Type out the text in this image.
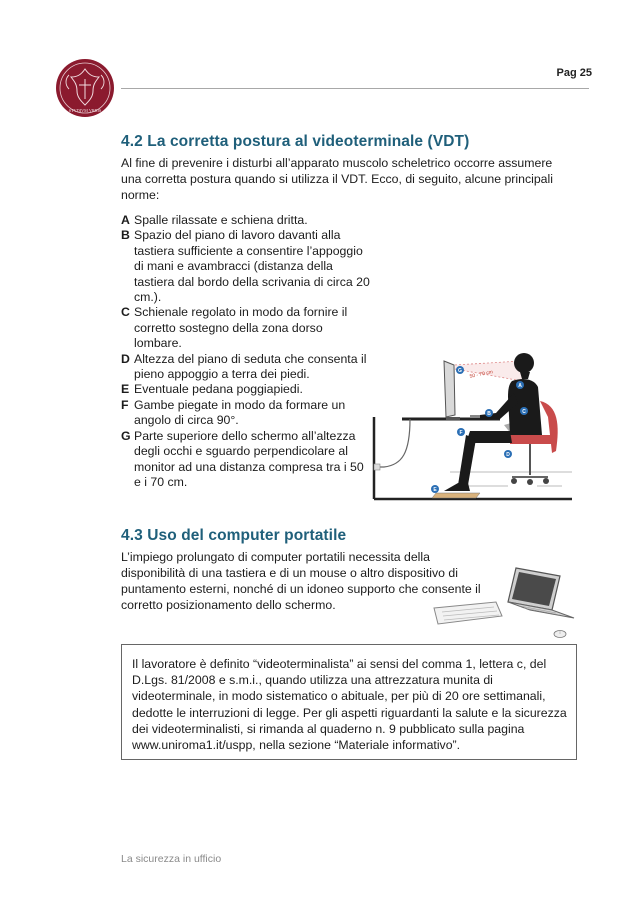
STVDIVM VRBIS
Pag 25
4.2 La corretta postura al videoterminale (VDT)

Al fine di prevenire i disturbi all’apparato muscolo scheletrico occorre assumere una corretta postura quando si utilizza il VDT. Ecco, di seguito, alcune principali norme:

A Spalle rilassate e schiena dritta.
B Spazio del piano di lavoro davanti alla tastiera sufficiente a consentire l’appoggio di mani e avambracci (distanza della tastiera dal bordo della scrivania di circa 20 cm.).
C Schienale regolato in modo da fornire il corretto sostegno della zona dorso lombare.
D Altezza del piano di seduta che consenta il pieno appoggio a terra dei piedi.
E Eventuale pedana poggiapiedi.
F Gambe piegate in modo da formare un angolo di circa 90°.
G Parte superiore dello schermo all’altezza degli occhi e sguardo perpendicolare al monitor ad una distanza compresa tra i 50 e i 70 cm.
50 - 70 cm
G
A
B	C
F
D
E
4.3 Uso del computer portatile

L’impiego prolungato di computer portatili necessita della disponibilità di una tastiera e di un mouse o altro dispositivo di puntamento esterni, nonché di un idoneo supporto che consente il corretto posizionamento dello schermo.

Il lavoratore è definito “videoterminalista” ai sensi del comma 1, lettera c, del D.Lgs. 81/2008 e s.m.i., quando utilizza una attrezzatura munita di videoterminale, in modo sistematico o abituale, per più di 20 ore settimanali, dedotte le interruzioni di legge. Per gli aspetti riguardanti la salute e la sicurezza dei videoterminalisti, si rimanda al quaderno n. 9 pubblicato sulla pagina www.uniroma1.it/uspp, nella sezione “Materiale informativo”.

La sicurezza in ufficio
